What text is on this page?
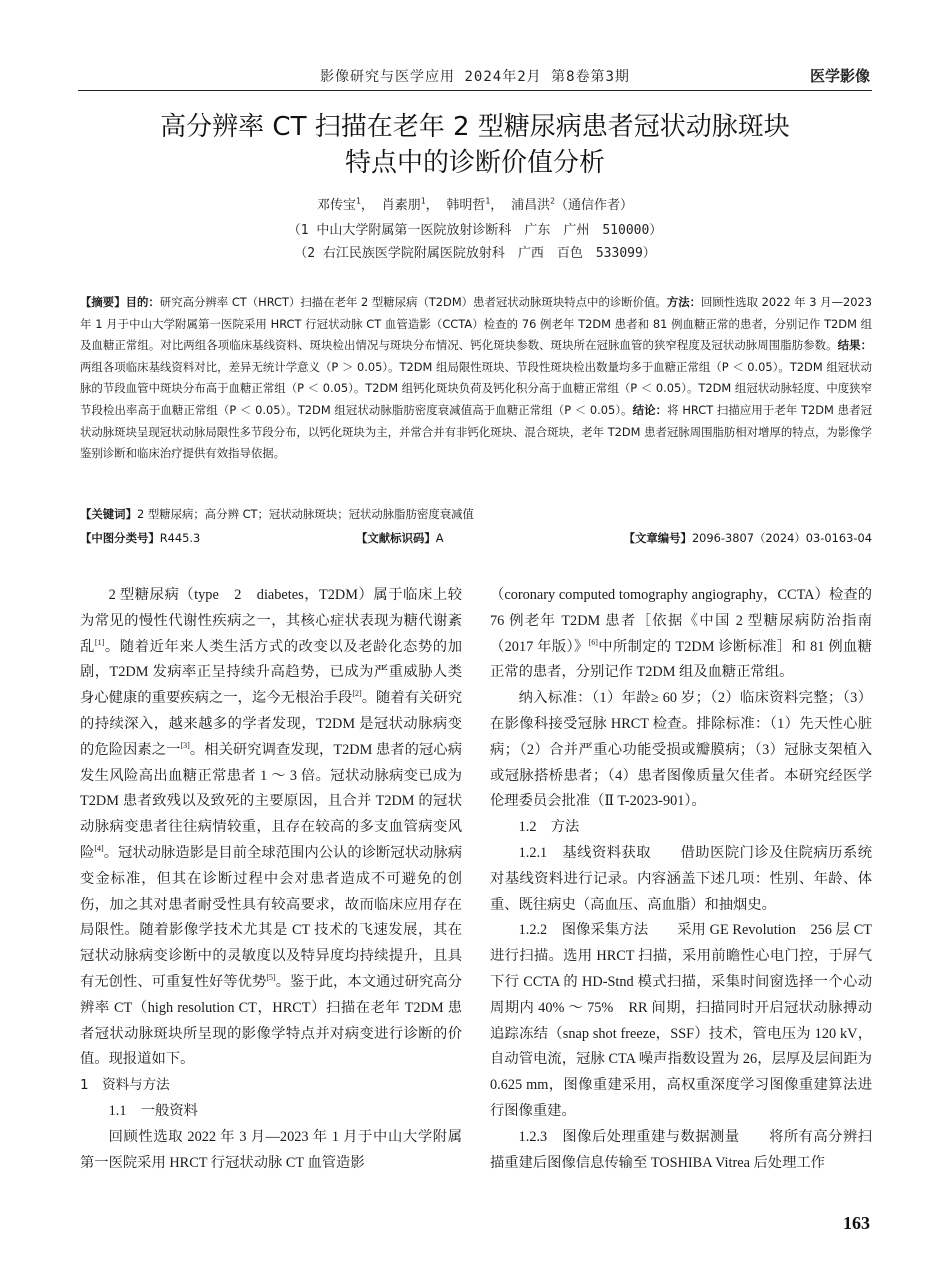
影像研究与医学应用 2024年2月 第8卷第3期	医学影像
高分辨率 CT 扫描在老年 2 型糖尿病患者冠状动脉斑块
特点中的诊断价值分析
邓传宝$^1$， 肖素朋$^1$， 韩明哲$^1$， 浦昌洪$^2$（通信作者）
（1 中山大学附属第一医院放射诊断科　广东　广州　510000）
（2 右江民族医学院附属医院放射科　广西　百色　533099）
【摘要】目的：研究高分辨率 CT（HRCT）扫描在老年 2 型糖尿病（T2DM）患者冠状动脉斑块特点中的诊断价值。方法：回顾性选取 2022 年 3 月—2023 年 1 月于中山大学附属第一医院采用 HRCT 行冠状动脉 CT 血管造影（CCTA）检查的 76 例老年 T2DM 患者和 81 例血糖正常的患者，分别记作 T2DM 组及血糖正常组。对比两组各项临床基线资料、斑块检出情况与斑块分布情况、钙化斑块参数、斑块所在冠脉血管的狭窄程度及冠状动脉周围脂肪参数。结果：两组各项临床基线资料对比，差异无统计学意义（P ＞ 0.05）。T2DM 组局限性斑块、节段性斑块检出数量均多于血糖正常组（P ＜ 0.05）。T2DM 组冠状动脉的节段血管中斑块分布高于血糖正常组（P ＜ 0.05）。T2DM 组钙化斑块负荷及钙化积分高于血糖正常组（P ＜ 0.05）。T2DM 组冠状动脉轻度、中度狭窄节段检出率高于血糖正常组（P ＜ 0.05）。T2DM 组冠状动脉脂肪密度衰减值高于血糖正常组（P ＜ 0.05）。结论：将 HRCT 扫描应用于老年 T2DM 患者冠状动脉斑块呈现冠状动脉局限性多节段分布，以钙化斑块为主，并常合并有非钙化斑块、混合斑块，老年 T2DM 患者冠脉周围脂肪相对增厚的特点，为影像学鉴别诊断和临床治疗提供有效指导依据。
【关键词】2 型糖尿病；高分辨 CT；冠状动脉斑块；冠状动脉脂肪密度衰减值
【中图分类号】R445.3	【文献标识码】A	【文章编号】2096-3807（2024）03-0163-04

2 型糖尿病（type　2　diabetes，T2DM）属于临床上较为常见的慢性代谢性疾病之一，其核心症状表现为糖代谢紊乱[1]。随着近年来人类生活方式的改变以及老龄化态势的加剧，T2DM 发病率正呈持续升高趋势，已成为严重威胁人类身心健康的重要疾病之一，迄今无根治手段[2]。随着有关研究的持续深入，越来越多的学者发现，T2DM 是冠状动脉病变的危险因素之一[3]。相关研究调查发现，T2DM 患者的冠心病发生风险高出血糖正常患者 1 ～ 3 倍。冠状动脉病变已成为 T2DM 患者致残以及致死的主要原因，且合并 T2DM 的冠状动脉病变患者往往病情较重，且存在较高的多支血管病变风险[4]。冠状动脉造影是目前全球范围内公认的诊断冠状动脉病变金标准，但其在诊断过程中会对患者造成不可避免的创伤，加之其对患者耐受性具有较高要求，故而临床应用存在局限性。随着影像学技术尤其是 CT 技术的飞速发展，其在冠状动脉病变诊断中的灵敏度以及特异度均持续提升，且具有无创性、可重复性好等优势[5]。鉴于此，本文通过研究高分辨率 CT（high resolution CT，HRCT）扫描在老年 T2DM 患者冠状动脉斑块所呈现的影像学特点并对病变进行诊断的价值。现报道如下。

1　资料与方法

1.1　一般资料

回顾性选取 2022 年 3 月—2023 年 1 月于中山大学附属第一医院采用 HRCT 行冠状动脉 CT 血管造影

（coronary computed tomography angiography，CCTA）检查的 76 例老年 T2DM 患者［依据《中国 2 型糖尿病防治指南（2017 年版）》[6]中所制定的 T2DM 诊断标准］和 81 例血糖正常的患者，分别记作 T2DM 组及血糖正常组。

纳入标准：（1）年龄≥ 60 岁；（2）临床资料完整；（3）在影像科接受冠脉 HRCT 检查。排除标准：（1）先天性心脏病；（2）合并严重心功能受损或瓣膜病；（3）冠脉支架植入或冠脉搭桥患者；（4）患者图像质量欠佳者。本研究经医学伦理委员会批准（Ⅱ T-2023-901）。

1.2　方法

1.2.1　基线资料获取　　 借助医院门诊及住院病历系统对基线资料进行记录。内容涵盖下述几项：性别、年龄、体重、既往病史（高血压、高血脂）和抽烟史。

1.2.2　图像采集方法　　 采用 GE Revolution　256 层 CT 进行扫描。选用 HRCT 扫描，采用前瞻性心电门控，于屏气下行 CCTA 的 HD-Stnd 模式扫描，采集时间窗选择一个心动周期内 40% ～ 75%　RR 间期，扫描同时开启冠状动脉搏动追踪冻结（snap shot freeze，SSF）技术，管电压为 120 kV，自动管电流，冠脉 CTA 噪声指数设置为 26，层厚及层间距为 0.625 mm，图像重建采用，高权重深度学习图像重建算法进行图像重建。

1.2.3　图像后处理重建与数据测量　　 将所有高分辨扫描重建后图像信息传输至 TOSHIBA Vitrea 后处理工作

163
